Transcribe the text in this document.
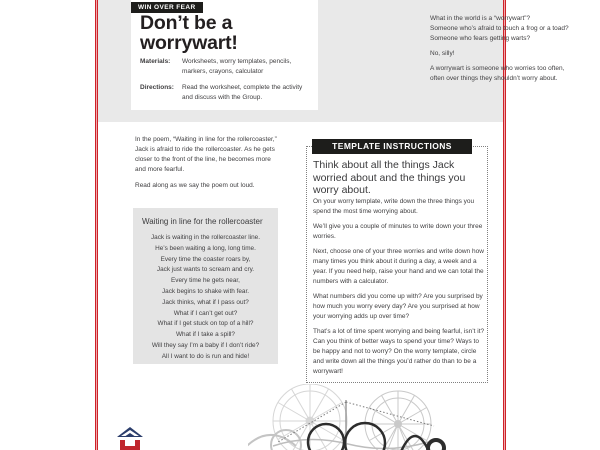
WIN OVER FEAR
Don’t be a
worrywart!
Materials:	Worksheets, worry templates, pencils,
markers, crayons, calculator
Directions:	Read the worksheet, complete the activity
and discuss with the Group.
What in the world is a “worrywart”?
Someone who’s afraid to touch a frog or a toad?
Someone who fears getting warts?
No, silly!
A worrywart is someone who worries too often,
often over things they shouldn’t worry about.
In the poem, “Waiting in line for the rollercoaster,”
Jack is afraid to ride the rollercoaster. As he gets
closer to the front of the line, he becomes more
and more fearful.
Read along as we say the poem out loud.
Waiting in line for the rollercoaster
Jack is waiting in the rollercoaster line.
He’s been waiting a long, long time.
Every time the coaster roars by,
Jack just wants to scream and cry.
Every time he gets near,
Jack begins to shake with fear.
Jack thinks, what if I pass out?
What if I can’t get out?
What if I get stuck on top of a hill?
What if I take a spill?
Will they say I’m a baby if I don’t ride?
All I want to do is run and hide!
TEMPLATE INSTRUCTIONS
Think about all the things Jack worried about and the things you worry about.

On your worry template, write down the three things you spend the most time worrying about.

We’ll give you a couple of minutes to write down your three worries.

Next, choose one of your three worries and write down how many times you think about it during a day, a week and a year. If you need help, raise your hand and we can total the numbers with a calculator.

What numbers did you come up with? Are you surprised by how much you worry every day? Are you surprised at how your worrying adds up over time?

That’s a lot of time spent worrying and being fearful, isn’t it? Can you think of better ways to spend your time? Ways to be happy and not to worry? On the worry template, circle and write down all the things you’d rather do than to be a worrywart!
